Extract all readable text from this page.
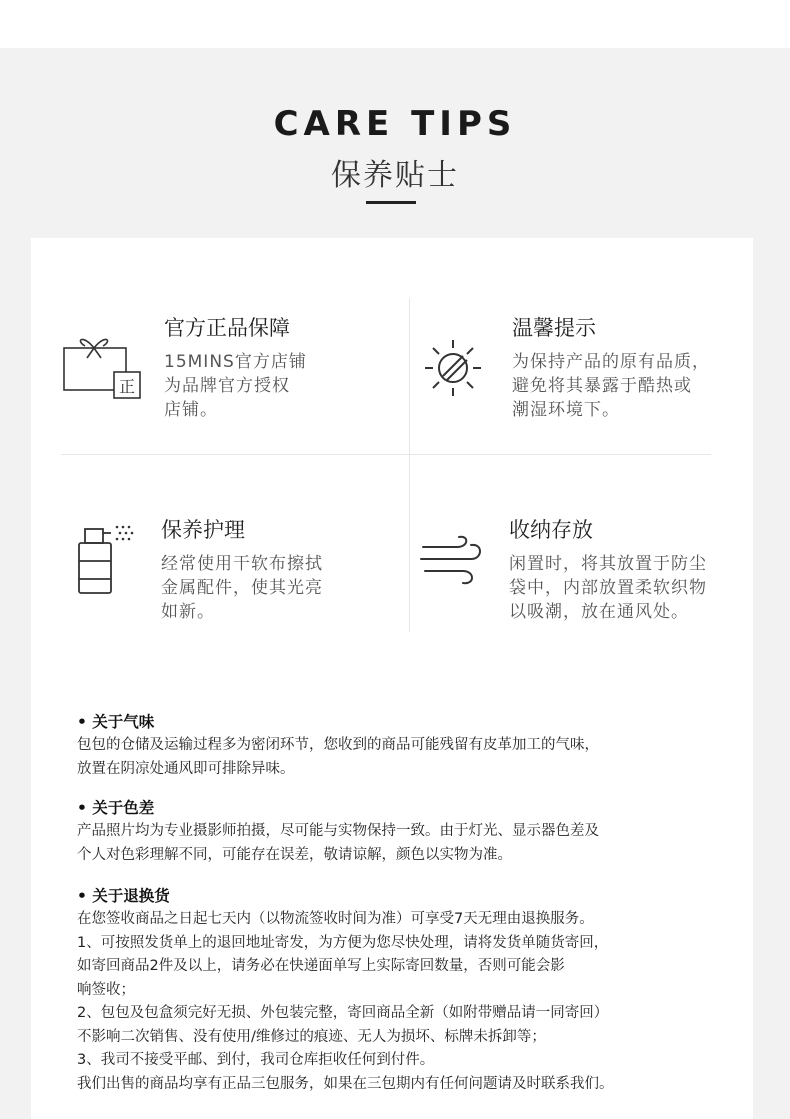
CARE TIPS
保养贴士
正
官方正品保障
15MINS官方店铺
为品牌官方授权
店铺。
温馨提示
为保持产品的原有品质，
避免将其暴露于酷热或
潮湿环境下。
保养护理
经常使用干软布擦拭
金属配件，使其光亮
如新。
收纳存放
闲置时，将其放置于防尘
袋中，内部放置柔软织物
以吸潮，放在通风处。
• 关于气味
包包的仓储及运输过程多为密闭环节，您收到的商品可能残留有皮革加工的气味，
放置在阴凉处通风即可排除异味。
• 关于色差
产品照片均为专业摄影师拍摄，尽可能与实物保持一致。由于灯光、显示器色差及
个人对色彩理解不同，可能存在误差，敬请谅解，颜色以实物为准。
• 关于退换货
在您签收商品之日起七天内（以物流签收时间为准）可享受7天无理由退换服务。
1、可按照发货单上的退回地址寄发，为方便为您尽快处理，请将发货单随货寄回，
如寄回商品2件及以上，请务必在快递面单写上实际寄回数量，否则可能会影
响签收；
2、包包及包盒须完好无损、外包装完整，寄回商品全新（如附带赠品请一同寄回）
不影响二次销售、没有使用/维修过的痕迹、无人为损坏、标牌未拆卸等；
3、我司不接受平邮、到付，我司仓库拒收任何到付件。
我们出售的商品均享有正品三包服务，如果在三包期内有任何问题请及时联系我们。
